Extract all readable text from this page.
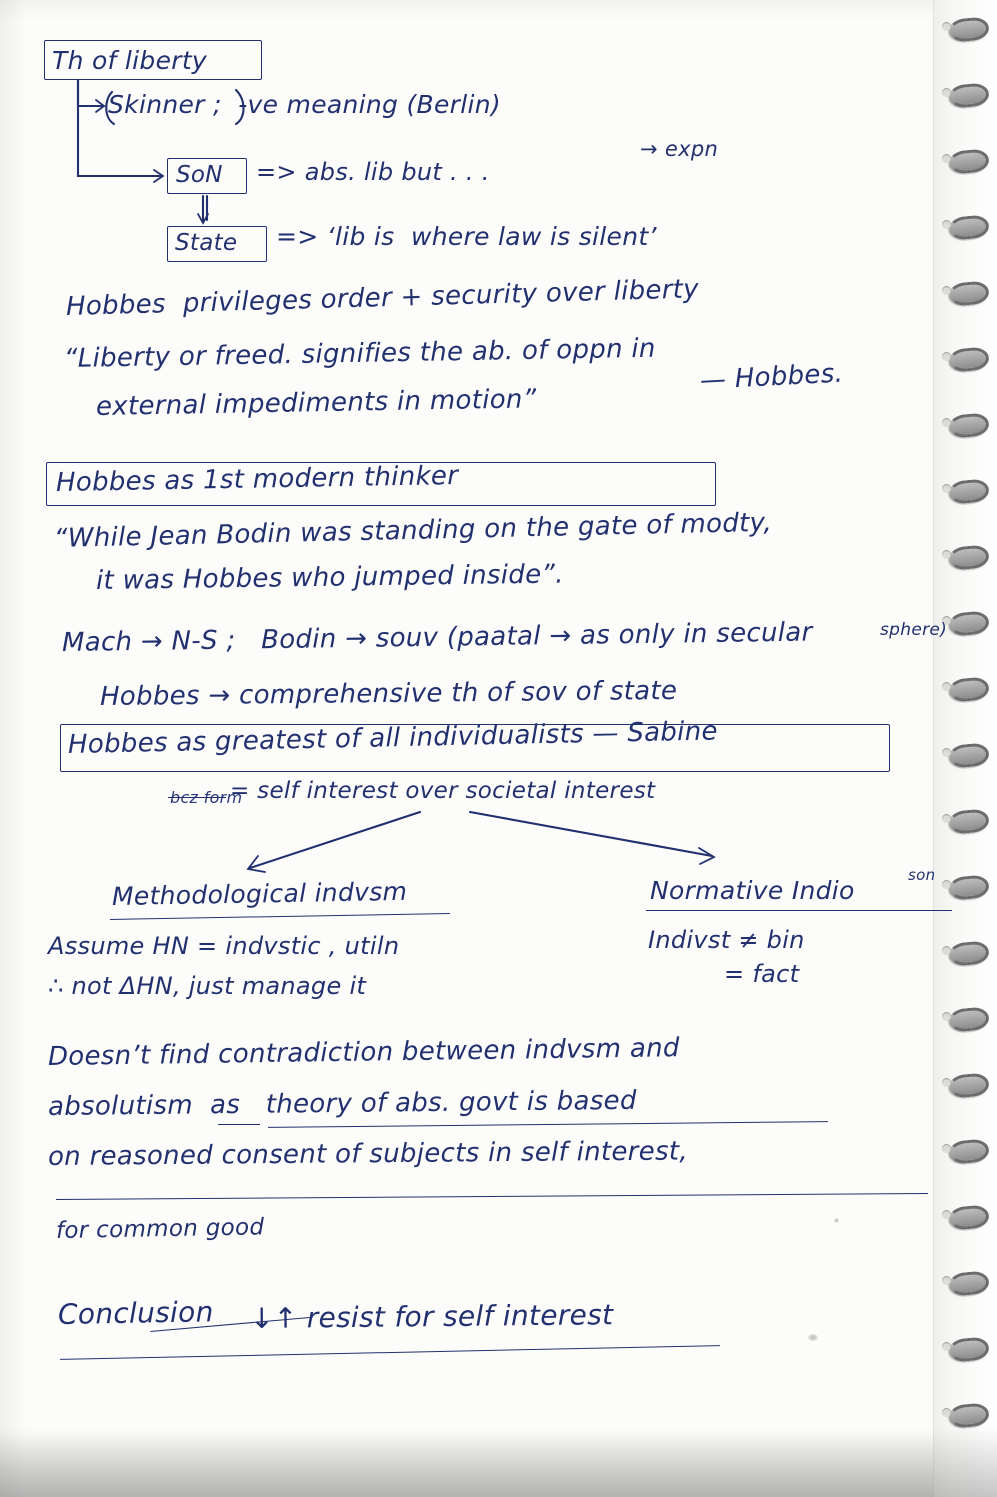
Th of liberty
Skinner ;  -ve meaning (Berlin)
SoN => abs. lib but . . .
→ expn
State => ‘lib is  where law is silent’
Hobbes  privileges order + security over liberty
“Liberty or freed. signifies the ab. of oppn in
external impediments in motion”
— Hobbes.
Hobbes as 1st modern thinker
“While Jean Bodin was standing on the gate of modty,
it was Hobbes who jumped inside”.
Mach → N-S ;   Bodin → souv (paatal → as only in secular	sphere)
Hobbes → comprehensive th of sov of state
Hobbes as greatest of all individualists — Sabine
bcz form
= self interest over societal interest
Methodological indvsm	Normative Indio
son
Assume HN = indvstic , utiln
∴ not ΔHN, just manage it
Indivst ≠ bin
= fact
Doesn’t find contradiction between indvsm and
absolutism  as   theory of abs. govt is based
on reasoned consent of subjects in self interest,
for common good
Conclusion ↓↑ resist for self interest
